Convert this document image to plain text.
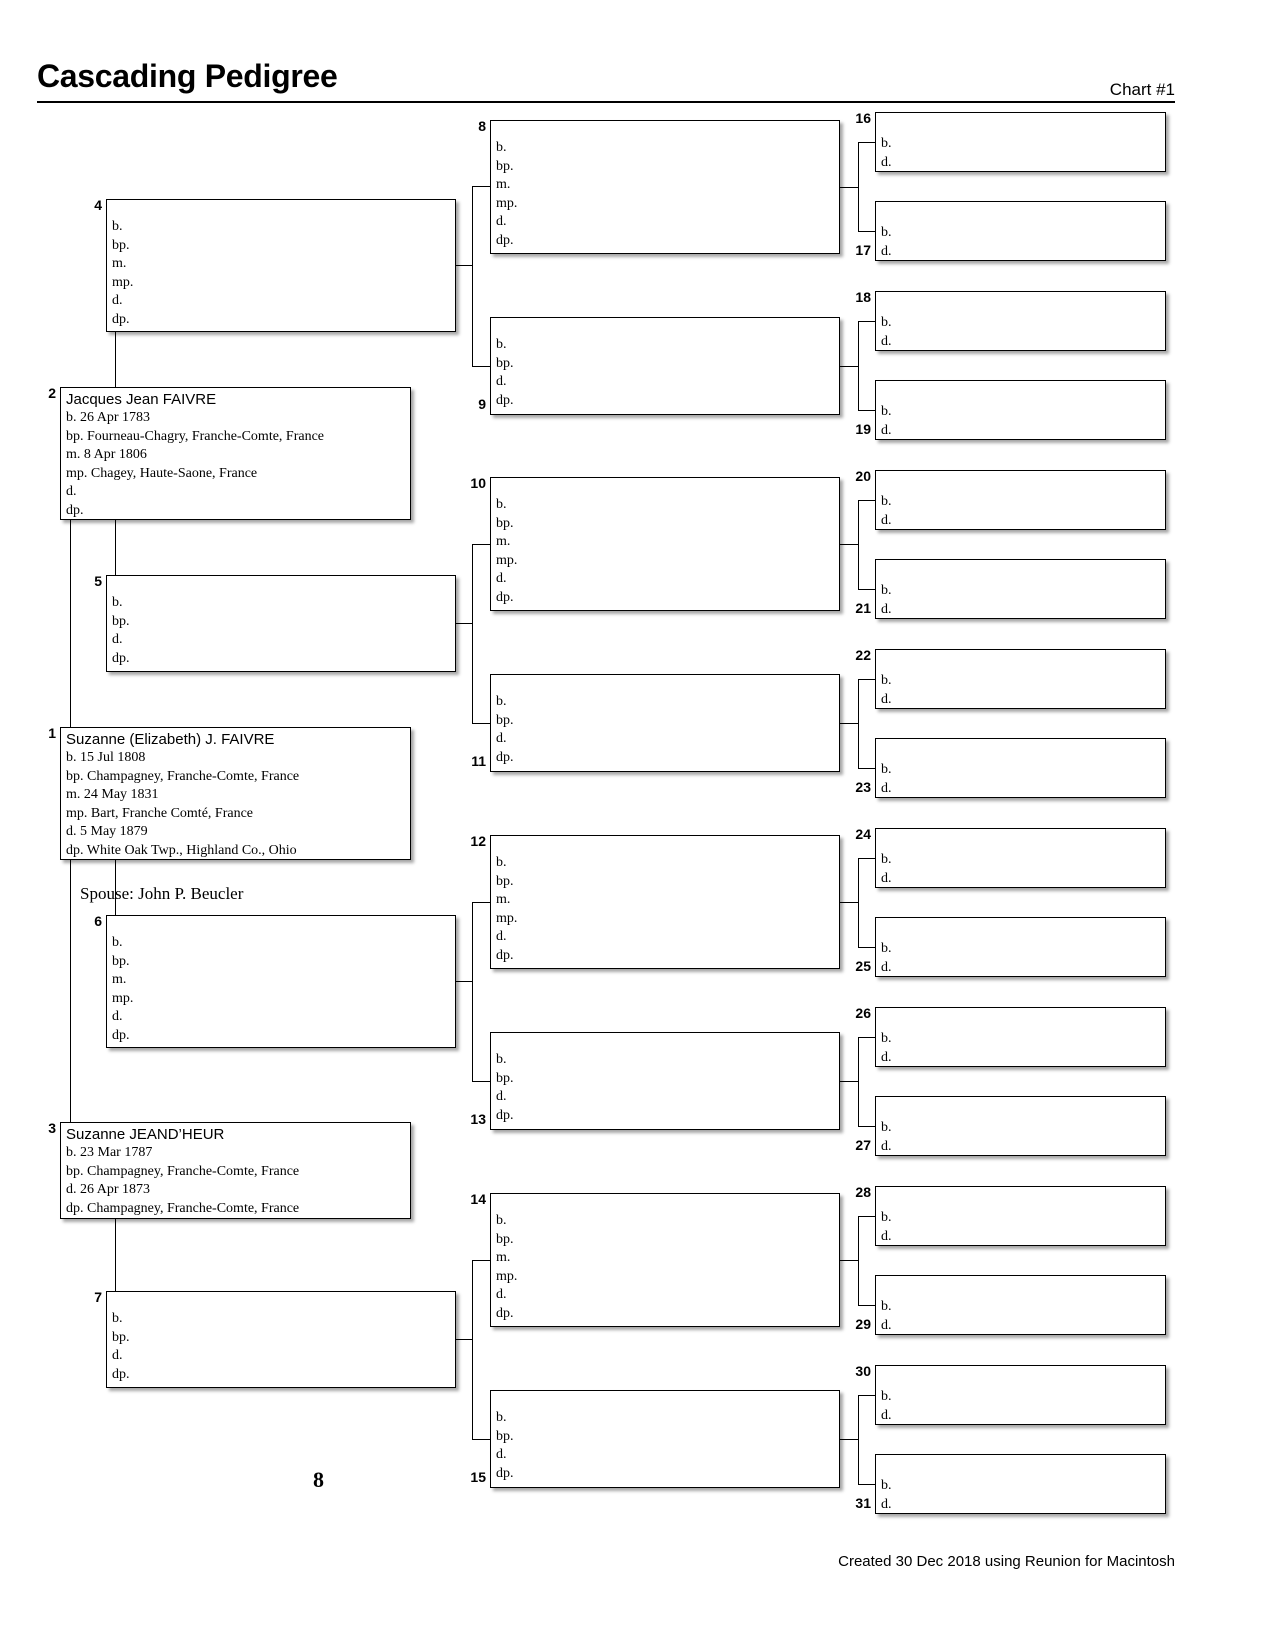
Cascading Pedigree	Chart #1
Suzanne (Elizabeth) J. FAIVRE
b. 15 Jul 1808
bp. Champagney, Franche-Comte, France
m. 24 May 1831
mp. Bart, Franche Comté, France
d. 5 May 1879
dp. White Oak Twp., Highland Co., Ohio
1
Jacques Jean FAIVRE
b. 26 Apr 1783
bp. Fourneau-Chagry, Franche-Comte, France
m. 8 Apr 1806
mp. Chagey, Haute-Saone, France
d.
dp.
2
Suzanne JEAND’HEUR
b. 23 Mar 1787
bp. Champagney, Franche-Comte, France
d. 26 Apr 1873
dp. Champagney, Franche-Comte, France
3
b.
bp.
m.
mp.
d.
dp.
4
b.
bp.
d.
dp.
5
b.
bp.
m.
mp.
d.
dp.
6
b.
bp.
d.
dp.
7
b.
bp.
m.
mp.
d.
dp.
8
b.
bp.
d.
dp.
9
b.
bp.
m.
mp.
d.
dp.
10
b.
bp.
d.
dp.
11
b.
bp.
m.
mp.
d.
dp.
12
b.
bp.
d.
dp.
13
b.
bp.
m.
mp.
d.
dp.
14
b.
bp.
d.
dp.
15
b.
d.
16
b.
d.
17
b.
d.
18
b.
d.
19
b.
d.
20
b.
d.
21
b.
d.
22
b.
d.
23
b.
d.
24
b.
d.
25
b.
d.
26
b.
d.
27
b.
d.
28
b.
d.
29
b.
d.
30
b.
d.
31
Spouse: John P. Beucler
8
Created 30 Dec 2018 using Reunion for Macintosh
